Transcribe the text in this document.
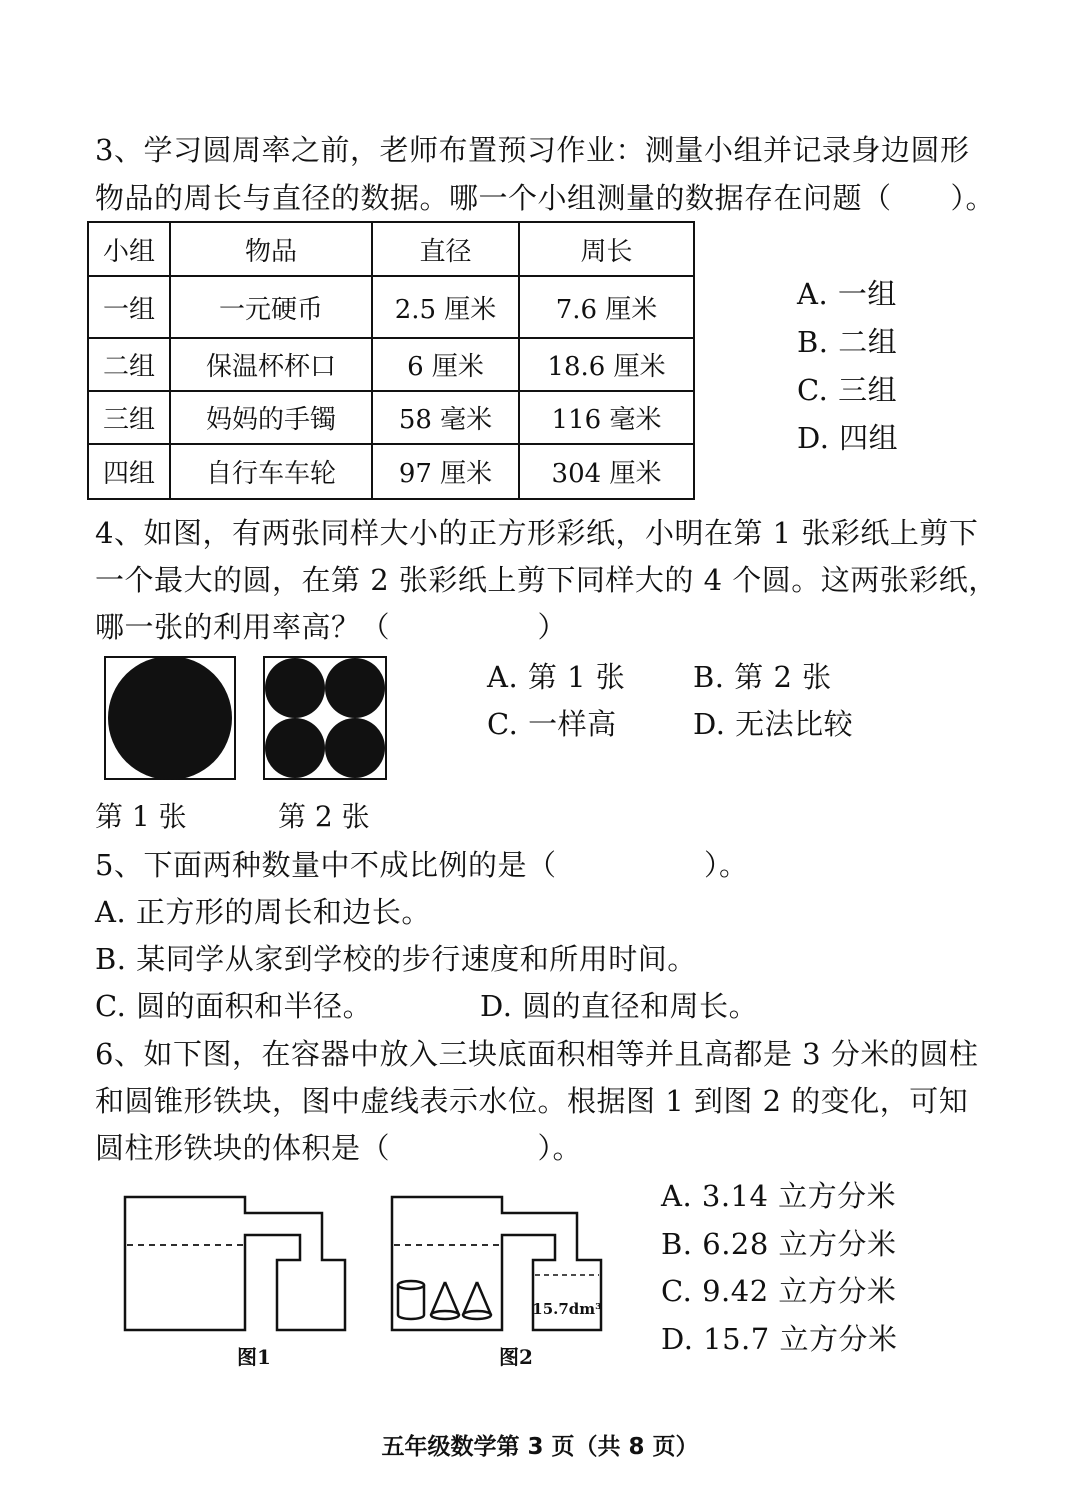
3、学习圆周率之前，老师布置预习作业：测量小组并记录身边圆形
物品的周长与直径的数据。哪一个小组测量的数据存在问题（　　）。
小组	物品	直径	周长
一组	一元硬币	2.5 厘米	7.6 厘米
二组	保温杯杯口	6 厘米	18.6 厘米
三组	妈妈的手镯	58 毫米	116 毫米
四组	自行车车轮	97 厘米	304 厘米
A. 一组
B. 二组
C. 三组
D. 四组
4、如图，有两张同样大小的正方形彩纸，小明在第 1 张彩纸上剪下
一个最大的圆，在第 2 张彩纸上剪下同样大的 4 个圆。这两张彩纸，
哪一张的利用率高？（　　　　　）
第 1 张	第 2 张
A. 第 1 张 B. 第 2 张
C. 一样高	D. 无法比较
5、下面两种数量中不成比例的是（　　　　　）。
A. 正方形的周长和边长。
B. 某同学从家到学校的步行速度和所用时间。
C. 圆的面积和半径。	D. 圆的直径和周长。
6、如下图，在容器中放入三块底面积相等并且高都是 3 分米的圆柱
和圆锥形铁块，图中虚线表示水位。根据图 1 到图 2 的变化，可知
圆柱形铁块的体积是（　　　　　）。
15.7dm³
图1	图2
A. 3.14 立方分米
B. 6.28 立方分米
C. 9.42 立方分米
D. 15.7 立方分米
五年级数学第 3 页（共 8 页）
